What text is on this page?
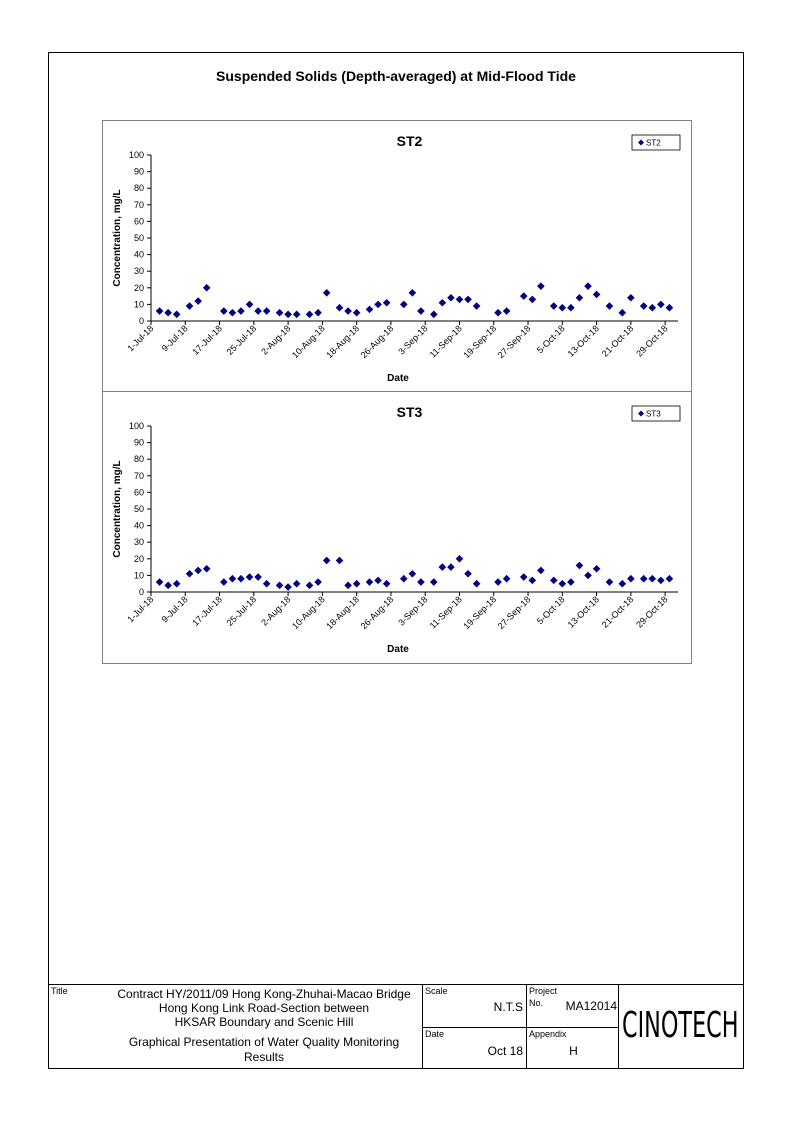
Suspended Solids (Depth-averaged) at Mid-Flood Tide
ST2	ST2
0
10
20
30
40
50
60
70
80
90
100
1-Jul-18 9-Jul-18 17-Jul-18 25-Jul-18 2-Aug-18
10-Aug-18
18-Aug-18
26-Aug-18 3-Sep-18
11-Sep-18
19-Sep-18
27-Sep-18 5-Oct-18
13-Oct-18
21-Oct-18
29-Oct-18
Concentration, mg/L
Date
ST3	ST3
0
10
20
30
40
50
60
70
80
90
100
1-Jul-18 9-Jul-18 17-Jul-18 25-Jul-18 2-Aug-18
10-Aug-18
18-Aug-18
26-Aug-18 3-Sep-18
11-Sep-18
19-Sep-18
27-Sep-18 5-Oct-18
13-Oct-18
21-Oct-18
29-Oct-18
Concentration, mg/L
Date
Title	Contract HY/2011/09 Hong Kong-Zhuhai-Macao Bridge
Hong Kong Link Road-Section between
HKSAR Boundary and Scenic Hill
Graphical Presentation of Water Quality Monitoring
Results
Scale
N.T.S
Date
Oct 18
Project
No.	MA12014
Appendix
H
CINOTECH
